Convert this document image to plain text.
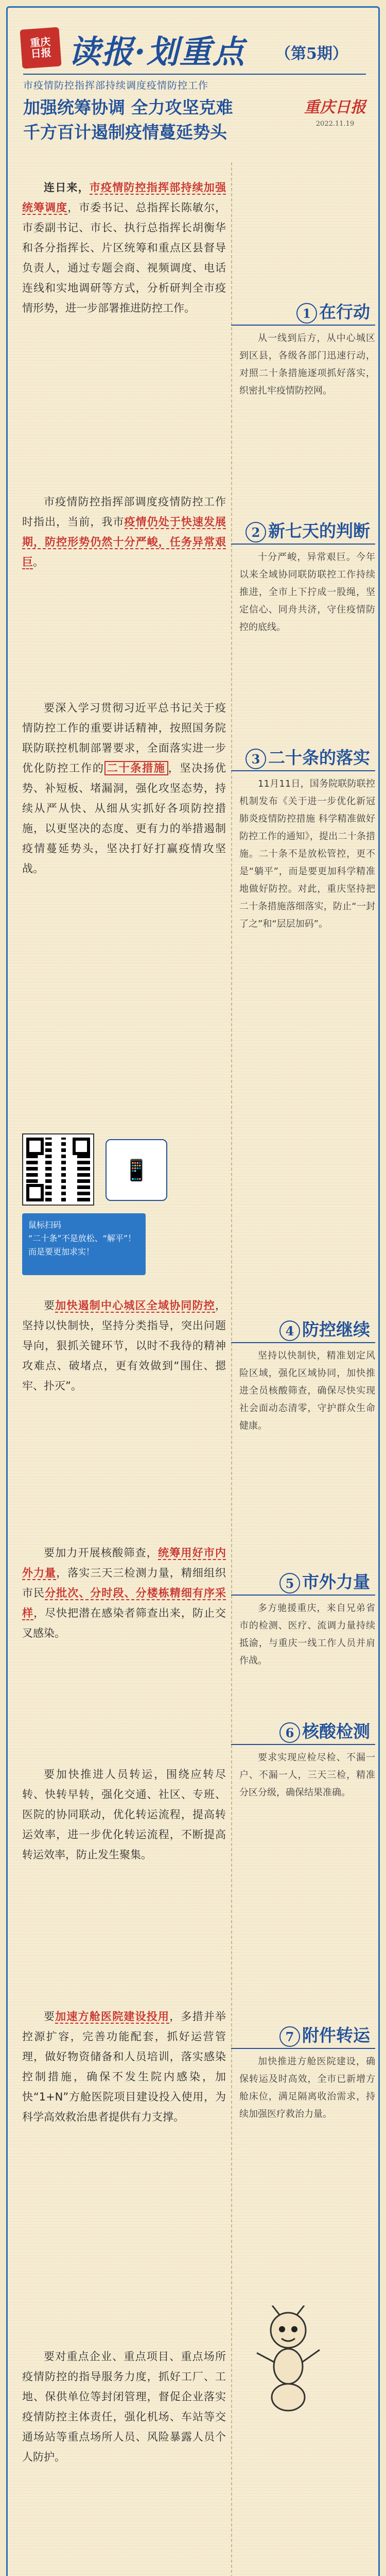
重庆
日报 读报·划重点 （第5期）
市疫情防控指挥部持续调度疫情防控工作
加强统筹协调 全力攻坚克难
千方百计遏制疫情蔓延势头
重庆日报
2022.11.19

连日来，市疫情防控指挥部持续加强统筹调度，市委书记、总指挥长陈敏尔，市委副书记、市长、执行总指挥长胡衡华和各分指挥长、片区统筹和重点区县督导负责人，通过专题会商、视频调度、电话连线和实地调研等方式，分析研判全市疫情形势，进一步部署推进防控工作。

市疫情防控指挥部调度疫情防控工作时指出，当前，我市疫情仍处于快速发展期，防控形势仍然十分严峻，任务异常艰巨。

要深入学习贯彻习近平总书记关于疫情防控工作的重要讲话精神，按照国务院联防联控机制部署要求，全面落实进一步优化防控工作的 二十条措施 ，坚决扬优势、补短板、堵漏洞，强化攻坚态势，持续从严从快、从细从实抓好各项防控措施，以更坚决的态度、更有力的举措遏制疫情蔓延势头，坚决打好打赢疫情攻坚战。

要加快遏制中心城区全域协同防控，坚持以快制快，坚持分类指导，突出问题导向，狠抓关键环节，以时不我待的精神攻难点、破堵点，更有效做到“围住、摁牢、扑灭”。

要加力开展核酸筛查，统筹用好市内外力量，落实三天三检测力量，精细组织市民分批次、分时段、分楼栋精细有序采样，尽快把潜在感染者筛查出来，防止交叉感染。

要加快推进人员转运，围绕应转尽转、快转早转，强化交通、社区、专班、医院的协同联动，优化转运流程，提高转运效率，进一步优化转运流程，不断提高转运效率，防止发生聚集。

要加速方舱医院建设投用，多措并举控源扩容，完善功能配套，抓好运营管理，做好物资储备和人员培训，落实感染控制措施，确保不发生院内感染，加快“1+N”方舱医院项目建设投入使用，为科学高效救治患者提供有力支撑。

要对重点企业、重点项目、重点场所疫情防控的指导服务力度，抓好工厂、工地、保供单位等封闭管理，督促企业落实疫情防控主体责任，强化机场、车站等交通场站等重点场所人员、风险暴露人员个人防护。

📱
鼠标扫码
“二十条”不是放松、“解平”！
而是要更加求实！
1 在行动

从一线到后方，从中心城区到区县，各级各部门迅速行动，对照二十条措施逐项抓好落实，织密扎牢疫情防控网。

2 新七天的判断

十分严峻，异常艰巨。今年以来全域协同联防联控工作持续推进，全市上下拧成一股绳，坚定信心、同舟共济，守住疫情防控的底线。

3 二十条的落实

11月11日，国务院联防联控机制发布《关于进一步优化新冠肺炎疫情防控措施 科学精准做好防控工作的通知》，提出二十条措施。二十条不是放松管控，更不是“躺平”，而是要更加科学精准地做好防控。对此，重庆坚持把二十条措施落细落实，防止“一封了之”和“层层加码”。

4 防控继续

坚持以快制快，精准划定风险区域，强化区域协同，加快推进全员核酸筛查，确保尽快实现社会面动态清零，守护群众生命健康。

5 市外力量

多方驰援重庆，来自兄弟省市的检测、医疗、流调力量持续抵渝，与重庆一线工作人员并肩作战。

6 核酸检测

要求实现应检尽检、不漏一户、不漏一人，三天三检，精准分区分级，确保结果准确。

7 附件转运

加快推进方舱医院建设，确保转运及时高效，全市已新增方舱床位，满足隔离收治需求，持续加强医疗救治力量。
